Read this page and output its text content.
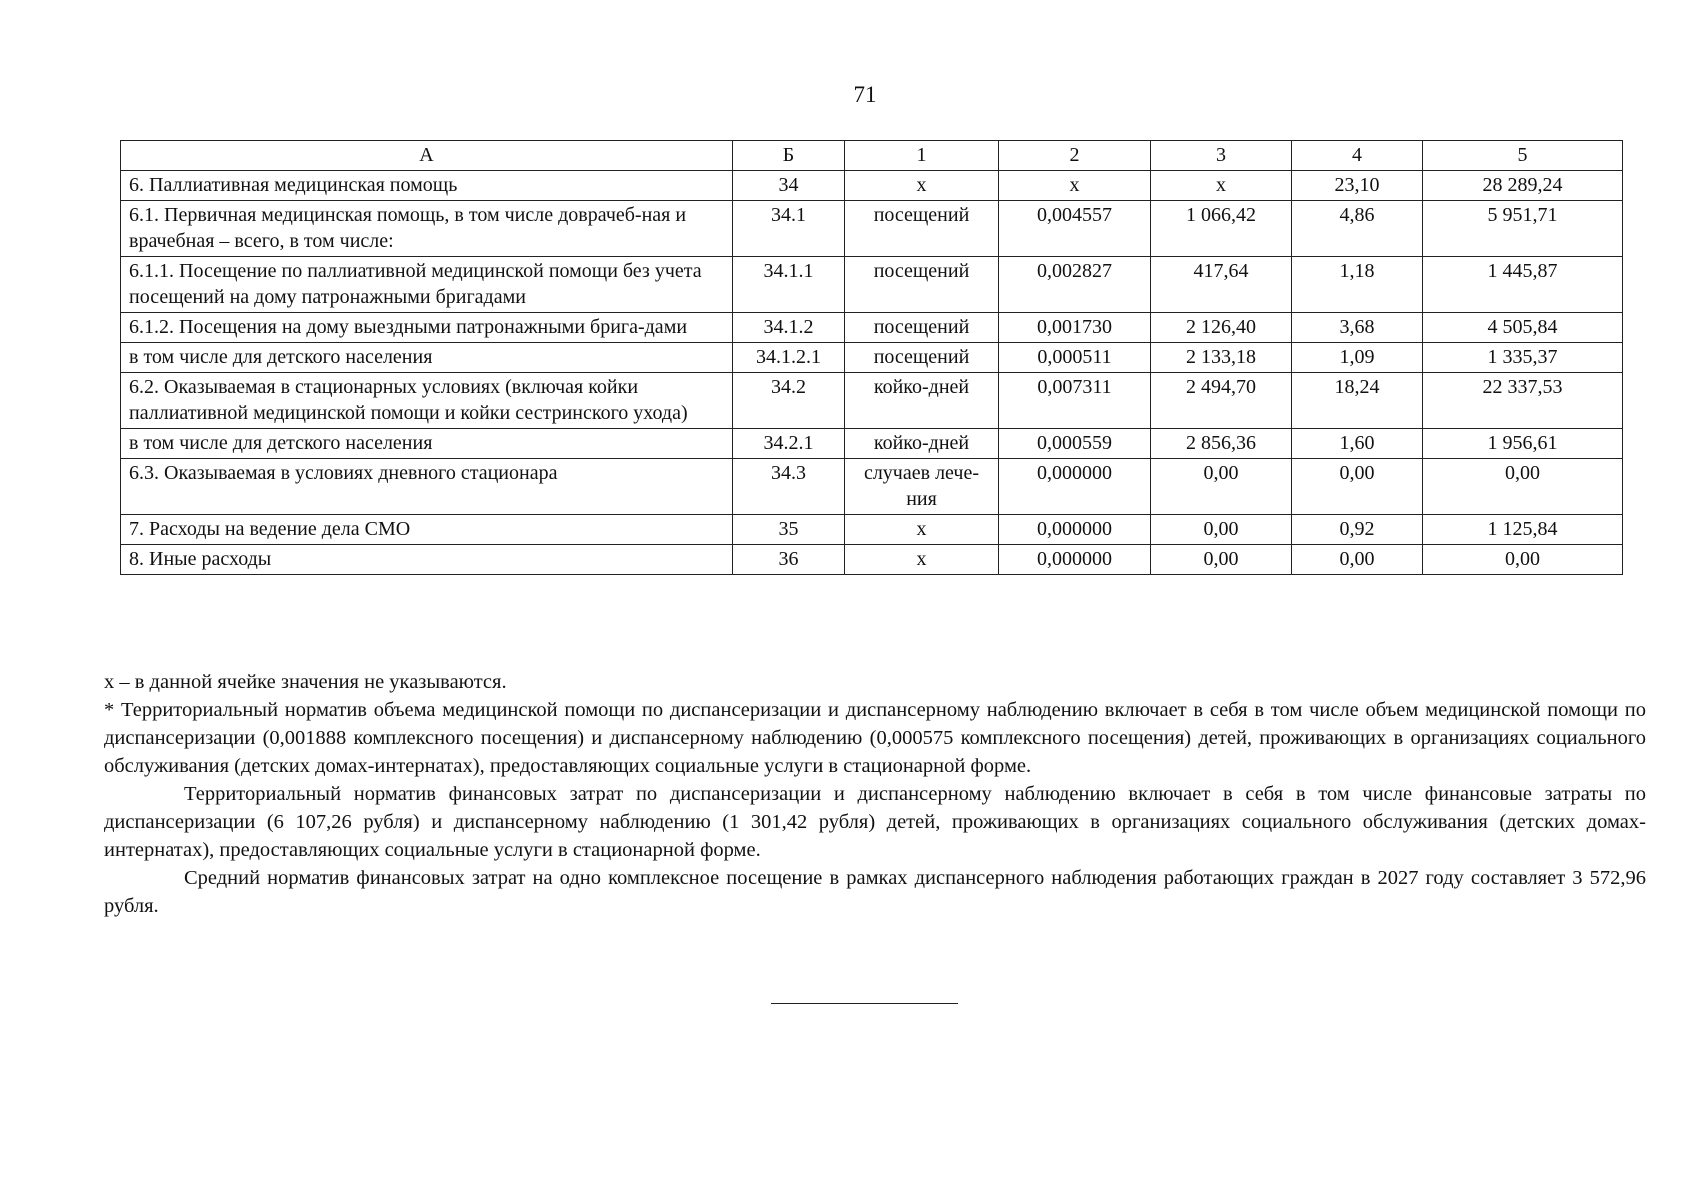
71
А	Б	1	2	3	4	5
6. Паллиативная медицинская помощь	34	х	х	х	23,10	28 289,24
6.1. Первичная медицинская помощь, в том числе доврачеб-ная и врачебная – всего, в том числе:	34.1	посещений	0,004557	1 066,42	4,86	5 951,71
6.1.1. Посещение по паллиативной медицинской помощи без учета посещений на дому патронажными бригадами	34.1.1	посещений	0,002827	417,64	1,18	1 445,87
6.1.2. Посещения на дому выездными патронажными брига-дами	34.1.2	посещений	0,001730	2 126,40	3,68	4 505,84
в том числе для детского населения	34.1.2.1	посещений	0,000511	2 133,18	1,09	1 335,37
6.2. Оказываемая в стационарных условиях (включая койки паллиативной медицинской помощи и койки сестринского ухода)	34.2	койко-дней	0,007311	2 494,70	18,24	22 337,53
в том числе для детского населения	34.2.1	койко-дней	0,000559	2 856,36	1,60	1 956,61
6.3. Оказываемая в условиях дневного стационара	34.3	случаев лече-ния	0,000000	0,00	0,00	0,00
7. Расходы на ведение дела СМО	35	х	0,000000	0,00	0,92	1 125,84
8. Иные расходы	36	х	0,000000	0,00	0,00	0,00

х – в данной ячейке значения не указываются.

* Территориальный норматив объема медицинской помощи по диспансеризации и диспансерному наблюдению включает в себя в том числе объем медицинской помощи по диспансеризации (0,001888 комплексного посещения) и диспансерному наблюдению (0,000575 комплексного посещения) детей, проживающих в организациях социального обслуживания (детских домах-интернатах), предоставляющих социальные услуги в стационарной форме.

Территориальный норматив финансовых затрат по диспансеризации и диспансерному наблюдению включает в себя в том числе финансовые затраты по диспансеризации (6 107,26 рубля) и диспансерному наблюдению (1 301,42 рубля) детей, проживающих в организациях социального обслуживания (детских домах-интернатах), предоставляющих социальные услуги в стационарной форме.

Средний норматив финансовых затрат на одно комплексное посещение в рамках диспансерного наблюдения работающих граждан в 2027 году составляет 3 572,96 рубля.
